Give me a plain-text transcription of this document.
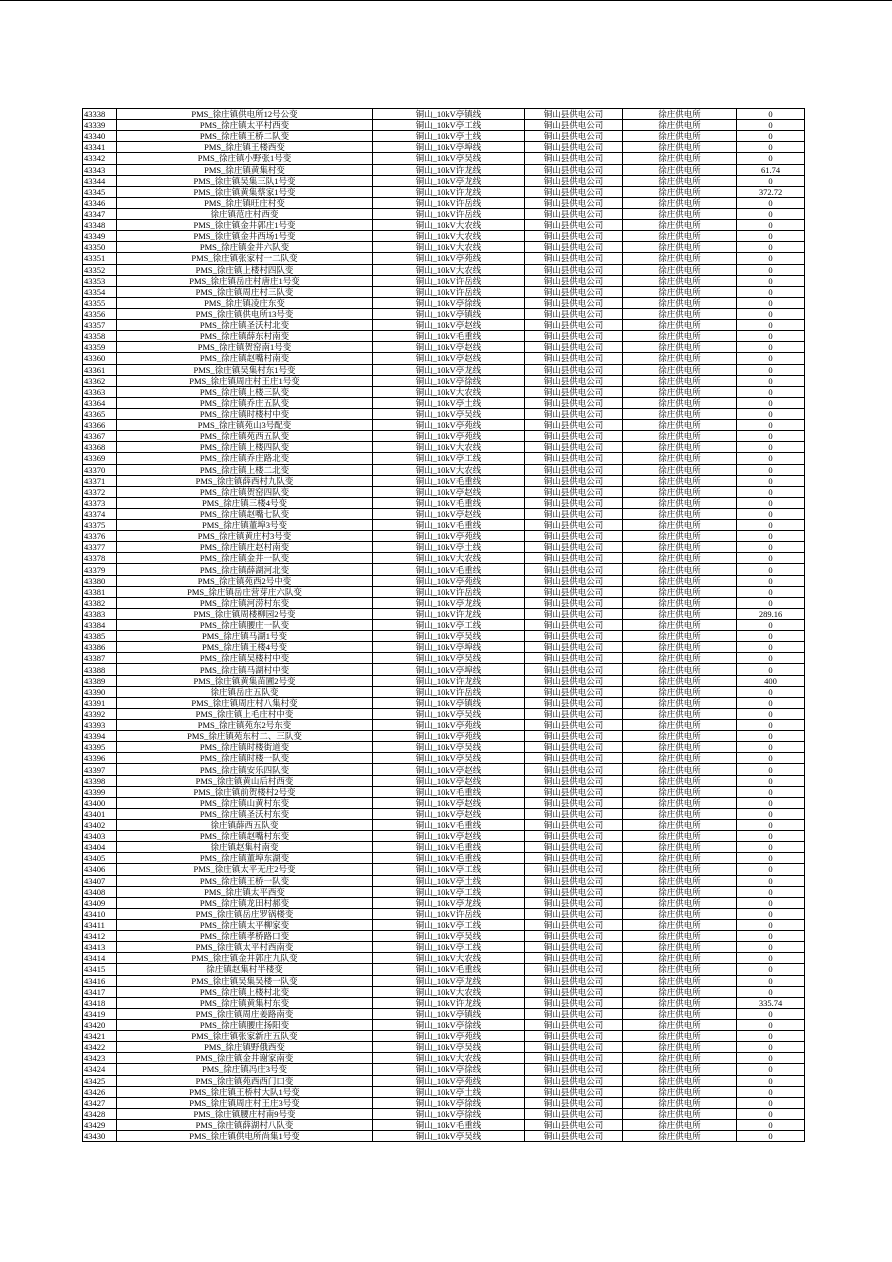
43338	PMS_徐庄镇供电所12号公变	铜山_10kV亭镇线	铜山县供电公司	徐庄供电所	0
43339	PMS_徐庄镇太平村西变	铜山_10kV亭工线	铜山县供电公司	徐庄供电所	0
43340	PMS_徐庄镇王桥二队变	铜山_10kV亭土线	铜山县供电公司	徐庄供电所	0
43341	PMS_徐庄镇王楼西变	铜山_10kV亭埠线	铜山县供电公司	徐庄供电所	0
43342	PMS_徐庄镇小野张1号变	铜山_10kV亭吴线	铜山县供电公司	徐庄供电所	0
43343	PMS_徐庄镇黄集村变	铜山_10kV许龙线	铜山县供电公司	徐庄供电所	61.74
43344	PMS_徐庄镇吴集三队1号变	铜山_10kV亭龙线	铜山县供电公司	徐庄供电所	0
43345	PMS_徐庄镇黄集蔡家1号变	铜山_10kV许龙线	铜山县供电公司	徐庄供电所	372.72
43346	PMS_徐庄镇旺庄村变	铜山_10kV许岳线	铜山县供电公司	徐庄供电所	0
43347	徐庄镇范庄村西变	铜山_10kV许岳线	铜山县供电公司	徐庄供电所	0
43348	PMS_徐庄镇金井郭庄1号变	铜山_10kV大农线	铜山县供电公司	徐庄供电所	0
43349	PMS_徐庄镇金井西场1号变	铜山_10kV大农线	铜山县供电公司	徐庄供电所	0
43350	PMS_徐庄镇金井六队变	铜山_10kV大农线	铜山县供电公司	徐庄供电所	0
43351	PMS_徐庄镇张家村一二队变	铜山_10kV亭苑线	铜山县供电公司	徐庄供电所	0
43352	PMS_徐庄镇上楼村四队变	铜山_10kV大农线	铜山县供电公司	徐庄供电所	0
43353	PMS_徐庄镇岳庄村唐庄1号变	铜山_10kV许岳线	铜山县供电公司	徐庄供电所	0
43354	PMS_徐庄镇周庄村三队变	铜山_10kV许岳线	铜山县供电公司	徐庄供电所	0
43355	PMS_徐庄镇凌庄东变	铜山_10kV亭徐线	铜山县供电公司	徐庄供电所	0
43356	PMS_徐庄镇供电所13号变	铜山_10kV亭镇线	铜山县供电公司	徐庄供电所	0
43357	PMS_徐庄镇圣沃村北变	铜山_10kV亭赵线	铜山县供电公司	徐庄供电所	0
43358	PMS_徐庄镇薛东村南变	铜山_10kV毛重线	铜山县供电公司	徐庄供电所	0
43359	PMS_徐庄镇贺窑南1号变	铜山_10kV亭赵线	铜山县供电公司	徐庄供电所	0
43360	PMS_徐庄镇赵嘴村南变	铜山_10kV亭赵线	铜山县供电公司	徐庄供电所	0
43361	PMS_徐庄镇吴集村东1号变	铜山_10kV亭龙线	铜山县供电公司	徐庄供电所	0
43362	PMS_徐庄镇周庄村王庄1号变	铜山_10kV亭徐线	铜山县供电公司	徐庄供电所	0
43363	PMS_徐庄镇上楼三队变	铜山_10kV大农线	铜山县供电公司	徐庄供电所	0
43364	PMS_徐庄镇乔庄五队变	铜山_10kV亭土线	铜山县供电公司	徐庄供电所	0
43365	PMS_徐庄镇时楼村中变	铜山_10kV亭吴线	铜山县供电公司	徐庄供电所	0
43366	PMS_徐庄镇苑山3号配变	铜山_10kV亭苑线	铜山县供电公司	徐庄供电所	0
43367	PMS_徐庄镇苑西五队变	铜山_10kV亭苑线	铜山县供电公司	徐庄供电所	0
43368	PMS_徐庄镇上楼四队变	铜山_10kV大农线	铜山县供电公司	徐庄供电所	0
43369	PMS_徐庄镇乔庄路北变	铜山_10kV亭工线	铜山县供电公司	徐庄供电所	0
43370	PMS_徐庄镇上楼二北变	铜山_10kV大农线	铜山县供电公司	徐庄供电所	0
43371	PMS_徐庄镇薛西村九队变	铜山_10kV毛重线	铜山县供电公司	徐庄供电所	0
43372	PMS_徐庄镇贺窑四队变	铜山_10kV亭赵线	铜山县供电公司	徐庄供电所	0
43373	PMS_徐庄镇三楼4号变	铜山_10kV毛重线	铜山县供电公司	徐庄供电所	0
43374	PMS_徐庄镇赵嘴七队变	铜山_10kV亭赵线	铜山县供电公司	徐庄供电所	0
43375	PMS_徐庄镇董埠3号变	铜山_10kV毛重线	铜山县供电公司	徐庄供电所	0
43376	PMS_徐庄镇黄庄村3号变	铜山_10kV亭苑线	铜山县供电公司	徐庄供电所	0
43377	PMS_徐庄镇庄赵村南变	铜山_10kV亭土线	铜山县供电公司	徐庄供电所	0
43378	PMS_徐庄镇金井一队变	铜山_10kV大农线	铜山县供电公司	徐庄供电所	0
43379	PMS_徐庄镇薛湖河北变	铜山_10kV毛重线	铜山县供电公司	徐庄供电所	0
43380	PMS_徐庄镇苑西2号中变	铜山_10kV亭苑线	铜山县供电公司	徐庄供电所	0
43381	PMS_徐庄镇岳庄营芽庄六队变	铜山_10kV许岳线	铜山县供电公司	徐庄供电所	0
43382	PMS_徐庄镇河涝村东变	铜山_10kV亭龙线	铜山县供电公司	徐庄供电所	0
43383	PMS_徐庄镇周楼柳园2号变	铜山_10kV许龙线	铜山县供电公司	徐庄供电所	289.16
43384	PMS_徐庄镇腰庄一队变	铜山_10kV亭工线	铜山县供电公司	徐庄供电所	0
43385	PMS_徐庄镇马湖1号变	铜山_10kV亭吴线	铜山县供电公司	徐庄供电所	0
43386	PMS_徐庄镇王楼4号变	铜山_10kV亭埠线	铜山县供电公司	徐庄供电所	0
43387	PMS_徐庄镇吴楼村中变	铜山_10kV亭吴线	铜山县供电公司	徐庄供电所	0
43388	PMS_徐庄镇马湖村中变	铜山_10kV亭埠线	铜山县供电公司	徐庄供电所	0
43389	PMS_徐庄镇黄集苗圃2号变	铜山_10kV许龙线	铜山县供电公司	徐庄供电所	400
43390	徐庄镇岳庄五队变	铜山_10kV许岳线	铜山县供电公司	徐庄供电所	0
43391	PMS_徐庄镇周庄村八集村变	铜山_10kV亭镇线	铜山县供电公司	徐庄供电所	0
43392	PMS_徐庄镇上毛庄村中变	铜山_10kV亭吴线	铜山县供电公司	徐庄供电所	0
43393	PMS_徐庄镇苑东2号东变	铜山_10kV亭苑线	铜山县供电公司	徐庄供电所	0
43394	PMS_徐庄镇苑东村二、三队变	铜山_10kV亭苑线	铜山县供电公司	徐庄供电所	0
43395	PMS_徐庄镇时楼街道变	铜山_10kV亭吴线	铜山县供电公司	徐庄供电所	0
43396	PMS_徐庄镇时楼一队变	铜山_10kV亭吴线	铜山县供电公司	徐庄供电所	0
43397	PMS_徐庄镇安乐四队变	铜山_10kV亭赵线	铜山县供电公司	徐庄供电所	0
43398	PMS_徐庄镇黄山后村西变	铜山_10kV亭赵线	铜山县供电公司	徐庄供电所	0
43399	PMS_徐庄镇前贺楼村2号变	铜山_10kV毛重线	铜山县供电公司	徐庄供电所	0
43400	PMS_徐庄镇山黄村东变	铜山_10kV亭赵线	铜山县供电公司	徐庄供电所	0
43401	PMS_徐庄镇圣沃村东变	铜山_10kV亭赵线	铜山县供电公司	徐庄供电所	0
43402	徐庄镇薛西五队变	铜山_10kV毛重线	铜山县供电公司	徐庄供电所	0
43403	PMS_徐庄镇赵嘴村东变	铜山_10kV亭赵线	铜山县供电公司	徐庄供电所	0
43404	徐庄镇赵集村南变	铜山_10kV毛重线	铜山县供电公司	徐庄供电所	0
43405	PMS_徐庄镇董埠东湖变	铜山_10kV毛重线	铜山县供电公司	徐庄供电所	0
43406	PMS_徐庄镇太平无庄2号变	铜山_10kV亭工线	铜山县供电公司	徐庄供电所	0
43407	PMS_徐庄镇王桥一队变	铜山_10kV亭土线	铜山县供电公司	徐庄供电所	0
43408	PMS_徐庄镇太平西变	铜山_10kV亭工线	铜山县供电公司	徐庄供电所	0
43409	PMS_徐庄镇龙田村郝变	铜山_10kV亭龙线	铜山县供电公司	徐庄供电所	0
43410	PMS_徐庄镇岳庄罗锅楼变	铜山_10kV许岳线	铜山县供电公司	徐庄供电所	0
43411	PMS_徐庄镇太平柳家变	铜山_10kV亭工线	铜山县供电公司	徐庄供电所	0
43412	PMS_徐庄镇孝桥路口变	铜山_10kV亭吴线	铜山县供电公司	徐庄供电所	0
43413	PMS_徐庄镇太平村西南变	铜山_10kV亭工线	铜山县供电公司	徐庄供电所	0
43414	PMS_徐庄镇金井郭庄九队变	铜山_10kV大农线	铜山县供电公司	徐庄供电所	0
43415	徐庄镇赵集村半楼变	铜山_10kV毛重线	铜山县供电公司	徐庄供电所	0
43416	PMS_徐庄镇吴集吴楼一队变	铜山_10kV亭龙线	铜山县供电公司	徐庄供电所	0
43417	PMS_徐庄镇上楼村北变	铜山_10kV大农线	铜山县供电公司	徐庄供电所	0
43418	PMS_徐庄镇黄集村东变	铜山_10kV许龙线	铜山县供电公司	徐庄供电所	335.74
43419	PMS_徐庄镇周庄姜路南变	铜山_10kV亭镇线	铜山县供电公司	徐庄供电所	0
43420	PMS_徐庄镇腰庄扬阳变	铜山_10kV亭徐线	铜山县供电公司	徐庄供电所	0
43421	PMS_徐庄镇张家新庄五队变	铜山_10kV亭苑线	铜山县供电公司	徐庄供电所	0
43422	PMS_徐庄镇野俄西变	铜山_10kV亭吴线	铜山县供电公司	徐庄供电所	0
43423	PMS_徐庄镇金井谢家南变	铜山_10kV大农线	铜山县供电公司	徐庄供电所	0
43424	PMS_徐庄镇冯庄3号变	铜山_10kV亭徐线	铜山县供电公司	徐庄供电所	0
43425	PMS_徐庄镇苑西西门口变	铜山_10kV亭苑线	铜山县供电公司	徐庄供电所	0
43426	PMS_徐庄镇王桥村大队1号变	铜山_10kV亭土线	铜山县供电公司	徐庄供电所	0
43427	PMS_徐庄镇周庄村王庄3号变	铜山_10kV亭徐线	铜山县供电公司	徐庄供电所	0
43428	PMS_徐庄镇腰庄村南9号变	铜山_10kV亭徐线	铜山县供电公司	徐庄供电所	0
43429	PMS_徐庄镇薛湖村八队变	铜山_10kV毛重线	铜山县供电公司	徐庄供电所	0
43430	PMS_徐庄镇供电所尚集1号变	铜山_10kV亭吴线	铜山县供电公司	徐庄供电所	0
